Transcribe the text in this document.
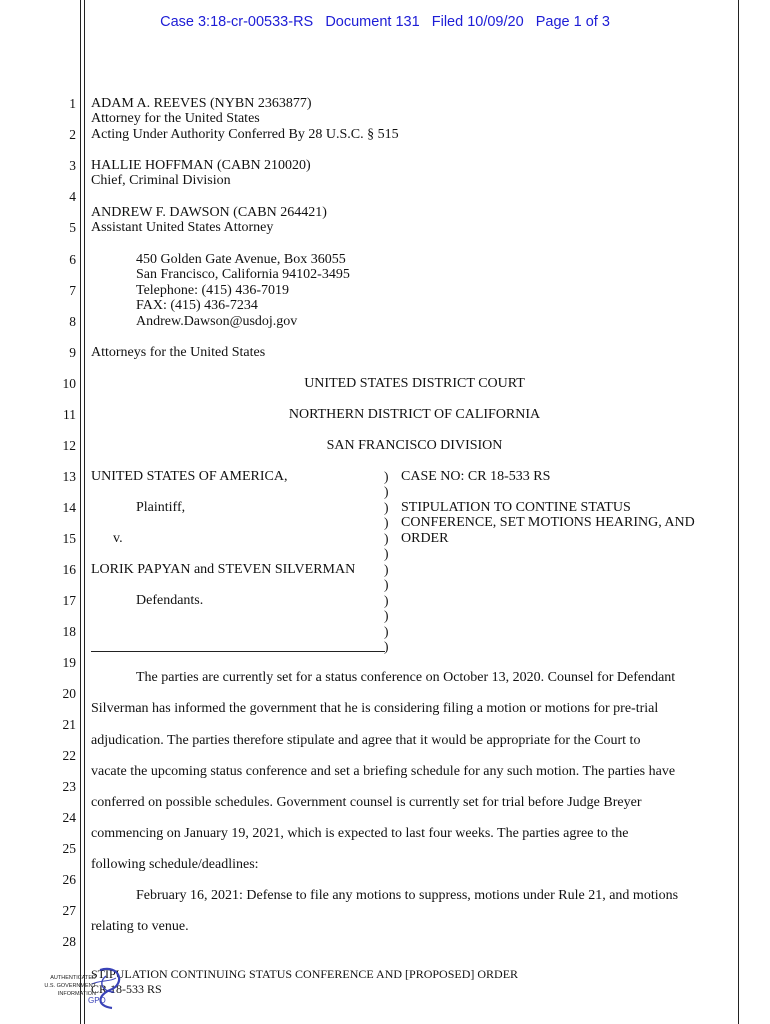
Case 3:18-cr-00533-RS Document 131 Filed 10/09/20 Page 1 of 3
1
2
3
4
5
6
7
8
9
10
11
12
13
14
15
16
17
18
19
20
21
22
23
24
25
26
27
28
ADAM A. REEVES (NYBN 2363877)
Attorney for the United States
Acting Under Authority Conferred By 28 U.S.C. § 515
HALLIE HOFFMAN (CABN 210020)
Chief, Criminal Division
ANDREW F. DAWSON (CABN 264421)
Assistant United States Attorney
450 Golden Gate Avenue, Box 36055
San Francisco, California 94102-3495
Telephone: (415) 436-7019
FAX: (415) 436-7234
Andrew.Dawson@usdoj.gov
Attorneys for the United States
UNITED STATES DISTRICT COURT
NORTHERN DISTRICT OF CALIFORNIA
SAN FRANCISCO DIVISION
UNITED STATES OF AMERICA,
Plaintiff,
v.
LORIK PAPYAN and STEVEN SILVERMAN
Defendants.
)
)
)
)
)
)
)
)
)
)
)
)
CASE NO: CR 18-533 RS
STIPULATION TO CONTINE STATUS
CONFERENCE, SET MOTIONS HEARING, AND
ORDER
The parties are currently set for a status conference on October 13, 2020. Counsel for Defendant
Silverman has informed the government that he is considering filing a motion or motions for pre-trial
adjudication. The parties therefore stipulate and agree that it would be appropriate for the Court to
vacate the upcoming status conference and set a briefing schedule for any such motion. The parties have
conferred on possible schedules. Government counsel is currently set for trial before Judge Breyer
commencing on January 19, 2021, which is expected to last four weeks. The parties agree to the
following schedule/deadlines:
February 16, 2021: Defense to file any motions to suppress, motions under Rule 21, and motions
relating to venue.
STIPULATION CONTINUING STATUS CONFERENCE AND [PROPOSED] ORDER
CR 18-533 RS
AUTHENTICATED
U.S. GOVERNMENT
INFORMATION
GPO
